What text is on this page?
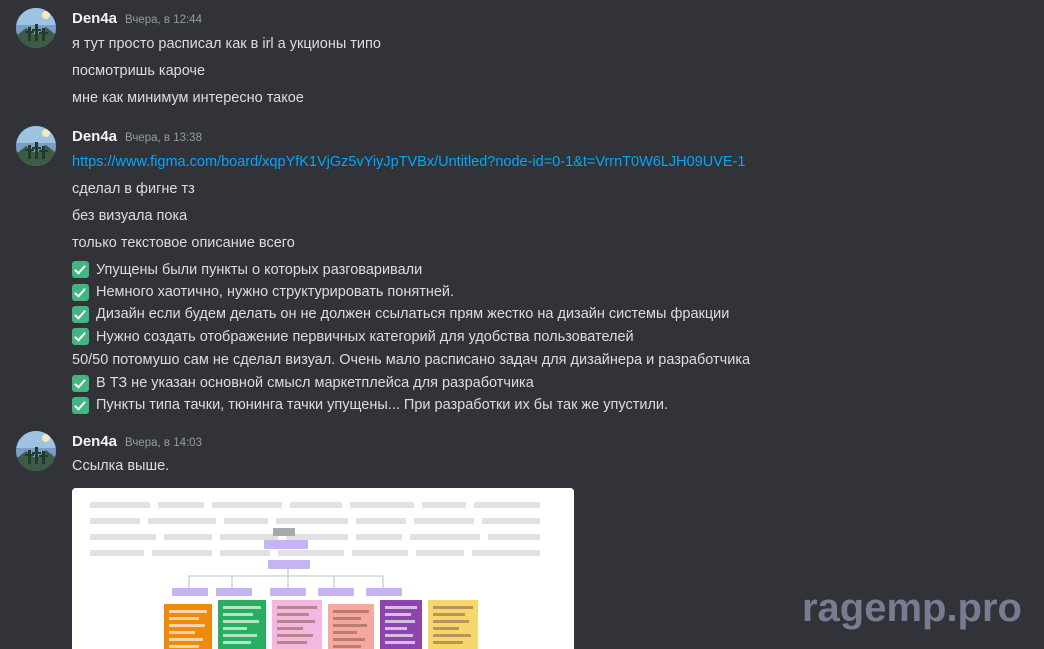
Den4a Вчера, в 12:44
я тут просто расписал как в irl а укционы типо
посмотришь кароче
мне как минимум интересно такое
Den4a Вчера, в 13:38
https://www.figma.com/board/xqpYfK1VjGz5vYiyJpTVBx/Untitled?node-id=0-1&t=VrrnT0W6LJH09UVE-1
сделал в фигне тз
без визуала пока
только текстовое описание всего
Упущены были пункты о которых разговаривали
Немного хаотично, нужно структурировать понятней.
Дизайн если будем делать он не должен ссылаться прям жестко на дизайн системы фракции
Нужно создать отображение первичных категорий для удобства пользователей
50/50 потомушо сам не сделал визуал. Очень мало расписано задач для дизайнера и разработчика
В ТЗ не указан основной смысл маркетплейса для разработчика
Пункты типа тачки, тюнинга тачки упущены... При разработки их бы так же упустили.
Den4a Вчера, в 14:03
Ссылка выше.
ragemp.pro
